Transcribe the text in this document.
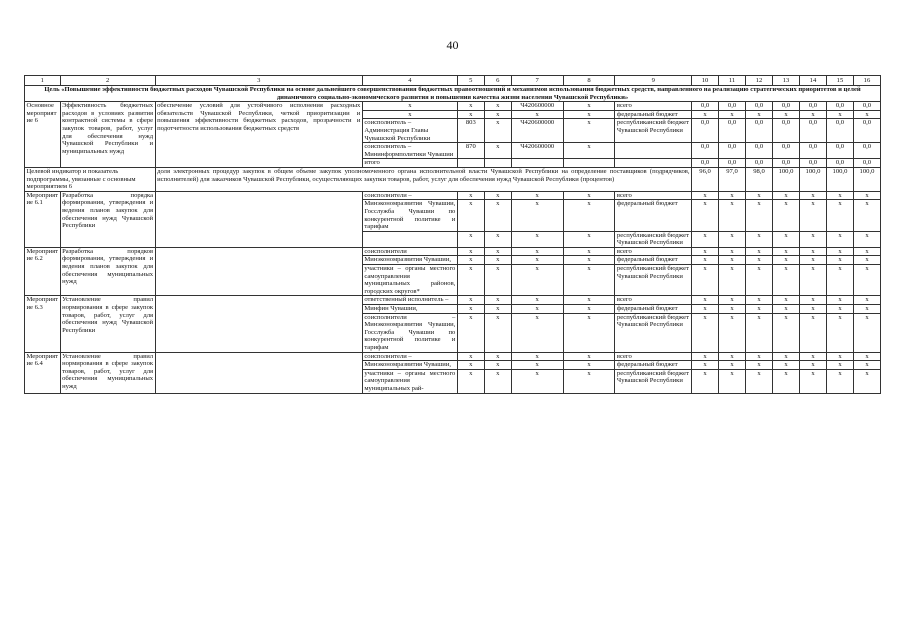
40
1	2	3	4	5	6	7	8	9	10	11	12	13	14	15	16
Цель «Повышение эффективности бюджетных расходов Чувашской Республики на основе дальнейшего совершенствования бюджетных правоотношений и механизмов использования бюджетных средств, направленного на реализацию стратегических приоритетов и целей динамичного социально-экономического развития и повышения качества жизни населения Чувашской Республики»															
Основное мероприятие 6	Эффективность бюджетных расходов в условиях развития контрактной системы в сфере закупок товаров, работ, услуг для обеспечения нужд Чувашской Республики и муниципальных нужд	обеспечение условий для устойчивого исполнения расходных обязательств Чувашской Республики, четкой приоритизации и повышения эффективности бюджетных расходов, прозрачности и подотчетности использования бюджетных средств	x	x	x	Ч420600000	x	всего	0,0	0,0	0,0	0,0	0,0	0,0	0,0
			x	x	x	x	x	федеральный бюджет	x	x	x	x	x	x	x
			соисполнитель – Администрация Главы Чувашской Республики	803	x	Ч420600000	x	республиканский бюджет Чувашской Республики	0,0	0,0	0,0	0,0	0,0	0,0	0,0
			соисполнитель – Мининформполитики Чувашии	870	x	Ч420600000	x		0,0	0,0	0,0	0,0	0,0	0,0	0,0
			итого						0,0	0,0	0,0	0,0	0,0	0,0	0,0
Целевой индикатор и показатель подпрограммы, увязанные с основным мероприятием 6		доля электронных процедур закупок в общем объеме закупок уполномоченного органа исполнительной власти Чувашской Республики на определение поставщиков (подрядчиков, исполнителей) для заказчиков Чувашской Республики, осуществляющих закупки товаров, работ, услуг для обеспечения нужд Чувашской Республики (процентов)							96,0	97,0	98,0	100,0	100,0	100,0	100,0
Мероприятие 6.1	Разработка порядка формирования, утверждения и ведения планов закупок для обеспечения нужд Чувашской Республики		соисполнители –	x	x	x	x	всего	x	x	x	x	x	x	x
			Минэкономразвития Чувашии, Госслужба Чувашии по конкурентной политике и тарифам	x	x	x	x	федеральный бюджет	x	x	x	x	x	x	x
				x	x	x	x	республиканский бюджет Чувашской Республики	x	x	x	x	x	x	x
Мероприятие 6.2	Разработка порядков формирования, утверждения и ведения планов закупок для обеспечения муниципальных нужд		соисполнители	x	x	x	x	всего	x	x	x	x	x	x	x
			Минэкономразвития Чувашии,	x	x	x	x	федеральный бюджет	x	x	x	x	x	x	x
			участники – органы местного самоуправления муниципальных районов, городских округов*	x	x	x	x	республиканский бюджет Чувашской Республики	x	x	x	x	x	x	x
Мероприятие 6.3	Установление правил нормирования в сфере закупок товаров, работ, услуг для обеспечения нужд Чувашской Республики		ответственный исполнитель –	x	x	x	x	всего	x	x	x	x	x	x	x
			Минфин Чувашии,	x	x	x	x	федеральный бюджет	x	x	x	x	x	x	x
			соисполнители – Минэкономразвития Чувашии, Госслужба Чувашии по конкурентной политике и тарифам	x	x	x	x	республиканский бюджет Чувашской Республики	x	x	x	x	x	x	x
Мероприятие 6.4	Установление правил нормирования в сфере закупок товаров, работ, услуг для обеспечения муниципальных нужд		соисполнители –	x	x	x	x	всего	x	x	x	x	x	x	x
			Минэкономразвития Чувашии,	x	x	x	x	федеральный бюджет	x	x	x	x	x	x	x
			участники – органы местного самоуправления муниципальных рай-	x	x	x	x	республиканский бюджет Чувашской Республики	x	x	x	x	x	x	x
